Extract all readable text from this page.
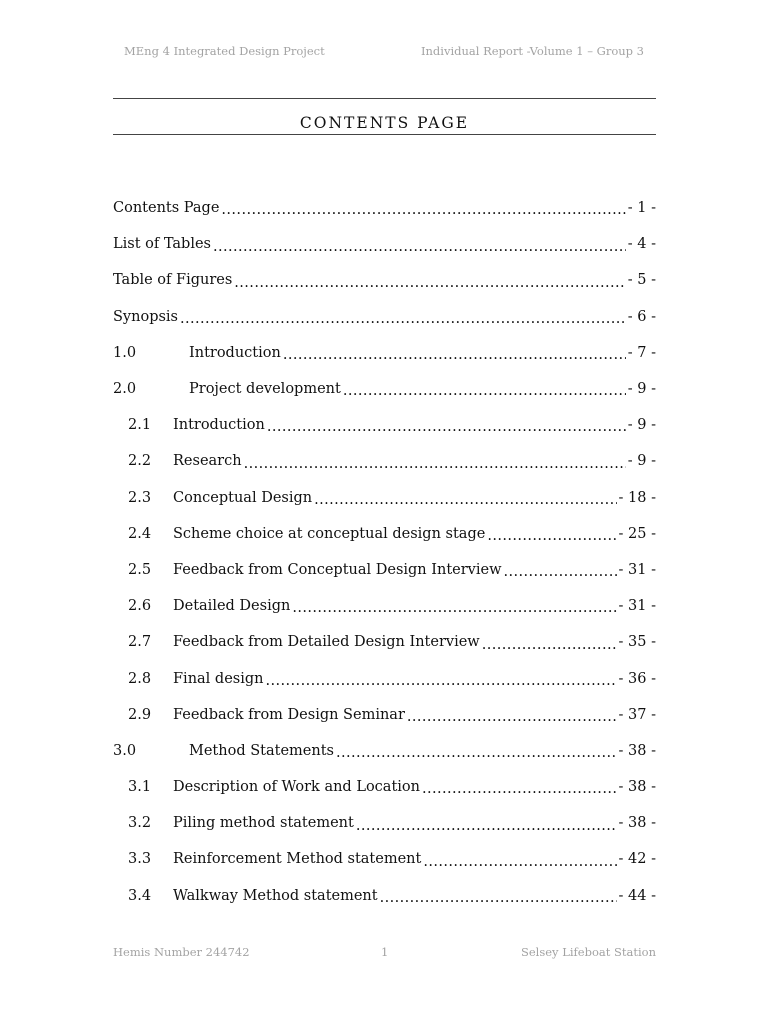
MEng 4 Integrated Design Project	Individual Report -Volume 1 – Group 3
CONTENTS PAGE
Contents Page .....	- 1 -
List of Tables .....	- 4 -
Table of Figures .....	- 5 -
Synopsis .....	- 6 -
1.0	Introduction .....	- 7 -
2.0	Project development .....	- 9 -
2.1	Introduction .....	- 9 -
2.2	Research .....	- 9 -
2.3	Conceptual Design .....	- 18 -
2.4	Scheme choice at conceptual design stage .....	- 25 -
2.5	Feedback from Conceptual Design Interview .....	- 31 -
2.6	Detailed Design .....	- 31 -
2.7	Feedback from Detailed Design Interview .....	- 35 -
2.8	Final design .....	- 36 -
2.9	Feedback from Design Seminar .....	- 37 -
3.0	Method Statements .....	- 38 -
3.1	Description of Work and Location .....	- 38 -
3.2	Piling method statement .....	- 38 -
3.3	Reinforcement Method statement .....	- 42 -
3.4	Walkway Method statement .....	- 44 -
Hemis Number 244742	1	Selsey Lifeboat Station
